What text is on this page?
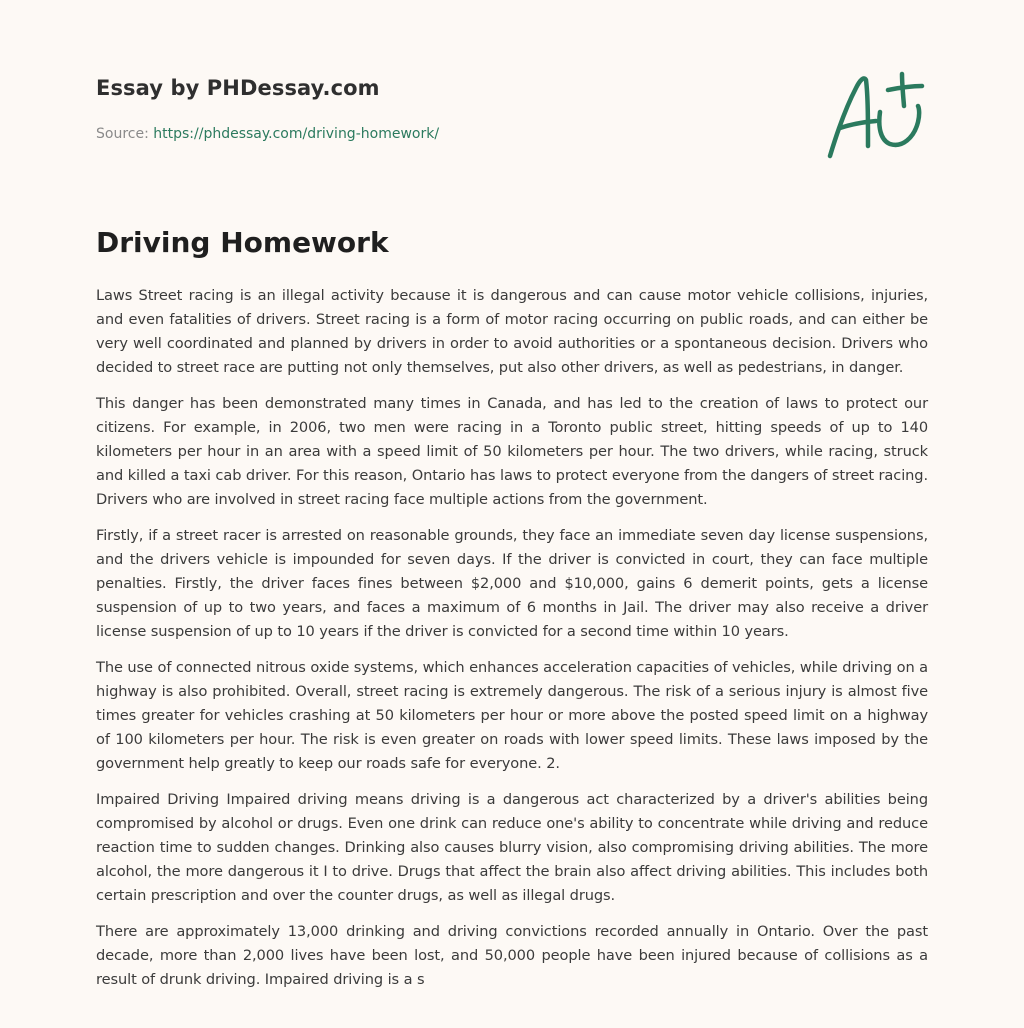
Essay by PHDessay.com
Source: https://phdessay.com/driving-homework/
Driving Homework

Laws Street racing is an illegal activity because it is dangerous and can cause motor vehicle collisions, injuries, and even fatalities of drivers. Street racing is a form of motor racing occurring on public roads, and can either be very well coordinated and planned by drivers in order to avoid authorities or a spontaneous decision. Drivers who decided to street race are putting not only themselves, put also other drivers, as well as pedestrians, in danger.

This danger has been demonstrated many times in Canada, and has led to the creation of laws to protect our citizens. For example, in 2006, two men were racing in a Toronto public street, hitting speeds of up to 140 kilometers per hour in an area with a speed limit of 50 kilometers per hour. The two drivers, while racing, struck and killed a taxi cab driver. For this reason, Ontario has laws to protect everyone from the dangers of street racing. Drivers who are involved in street racing face multiple actions from the government.

Firstly, if a street racer is arrested on reasonable grounds, they face an immediate seven day license suspensions, and the drivers vehicle is impounded for seven days. If the driver is convicted in court, they can face multiple penalties. Firstly, the driver faces fines between $2,000 and $10,000, gains 6 demerit points, gets a license suspension of up to two years, and faces a maximum of 6 months in Jail. The driver may also receive a driver license suspension of up to 10 years if the driver is convicted for a second time within 10 years.

The use of connected nitrous oxide systems, which enhances acceleration capacities of vehicles, while driving on a highway is also prohibited. Overall, street racing is extremely dangerous. The risk of a serious injury is almost five times greater for vehicles crashing at 50 kilometers per hour or more above the posted speed limit on a highway of 100 kilometers per hour. The risk is even greater on roads with lower speed limits. These laws imposed by the government help greatly to keep our roads safe for everyone. 2.

Impaired Driving Impaired driving means driving is a dangerous act characterized by a driver's abilities being compromised by alcohol or drugs. Even one drink can reduce one's ability to concentrate while driving and reduce reaction time to sudden changes. Drinking also causes blurry vision, also compromising driving abilities. The more alcohol, the more dangerous it I to drive. Drugs that affect the brain also affect driving abilities. This includes both certain prescription and over the counter drugs, as well as illegal drugs.

There are approximately 13,000 drinking and driving convictions recorded annually in Ontario. Over the past decade, more than 2,000 lives have been lost, and 50,000 people have been injured because of collisions as a result of drunk driving. Impaired driving is a s
